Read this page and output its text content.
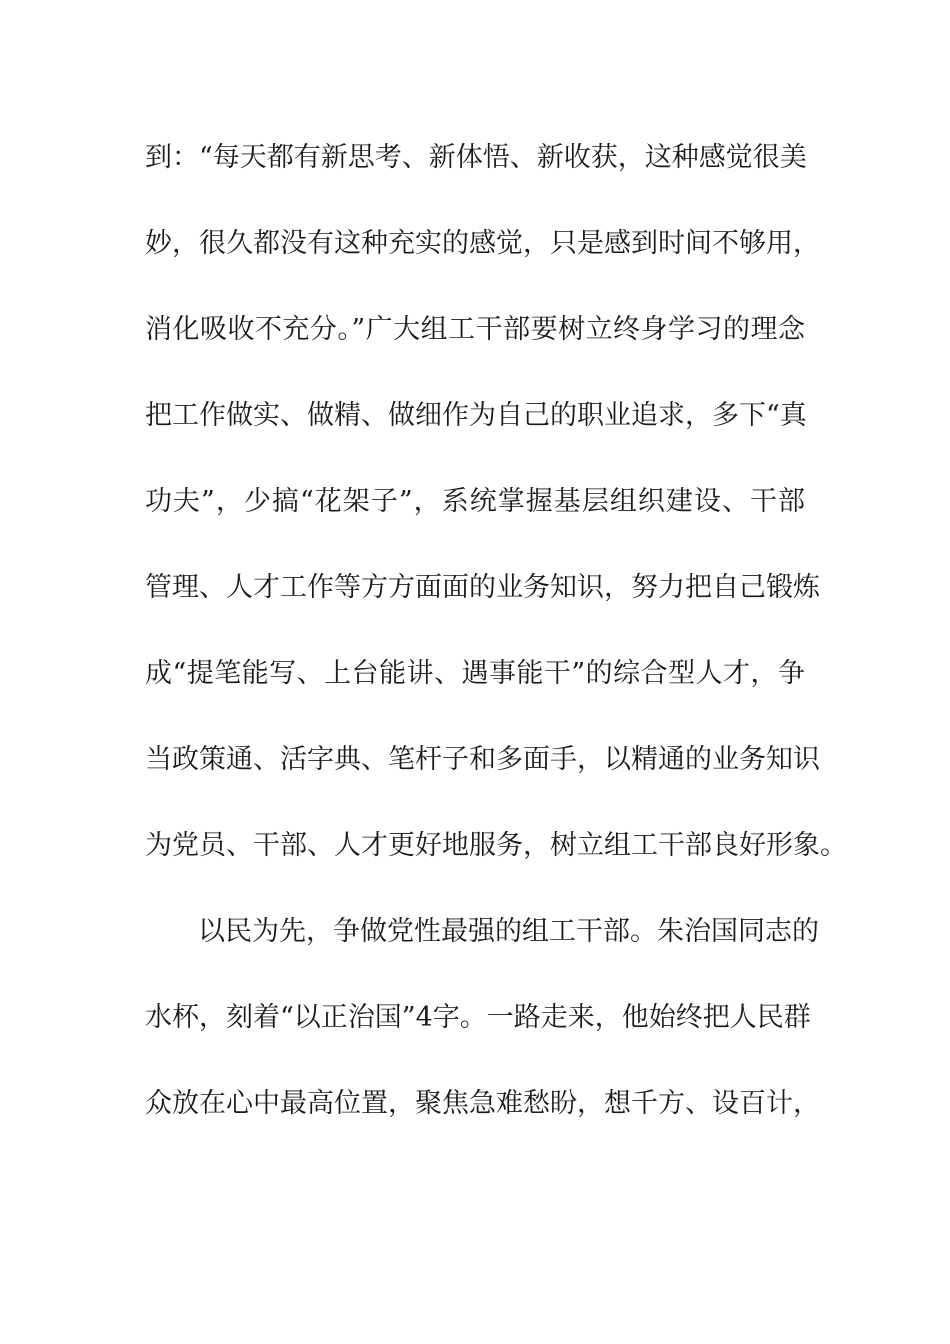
到：“每天都有新思考、新体悟、新收获，这种感觉很美
妙，很久都没有这种充实的感觉，只是感到时间不够用，
消化吸收不充分。”广大组工干部要树立终身学习的理念
把工作做实、做精、做细作为自己的职业追求，多下“真
功夫”，少搞“花架子”，系统掌握基层组织建设、干部
管理、人才工作等方方面面的业务知识，努力把自己锻炼
成“提笔能写、上台能讲、遇事能干”的综合型人才，争
当政策通、活字典、笔杆子和多面手，以精通的业务知识
为党员、干部、人才更好地服务，树立组工干部良好形象。
以民为先，争做党性最强的组工干部。朱治国同志的
水杯，刻着“以正治国”4字。一路走来，他始终把人民群
众放在心中最高位置，聚焦急难愁盼，想千方、设百计，
